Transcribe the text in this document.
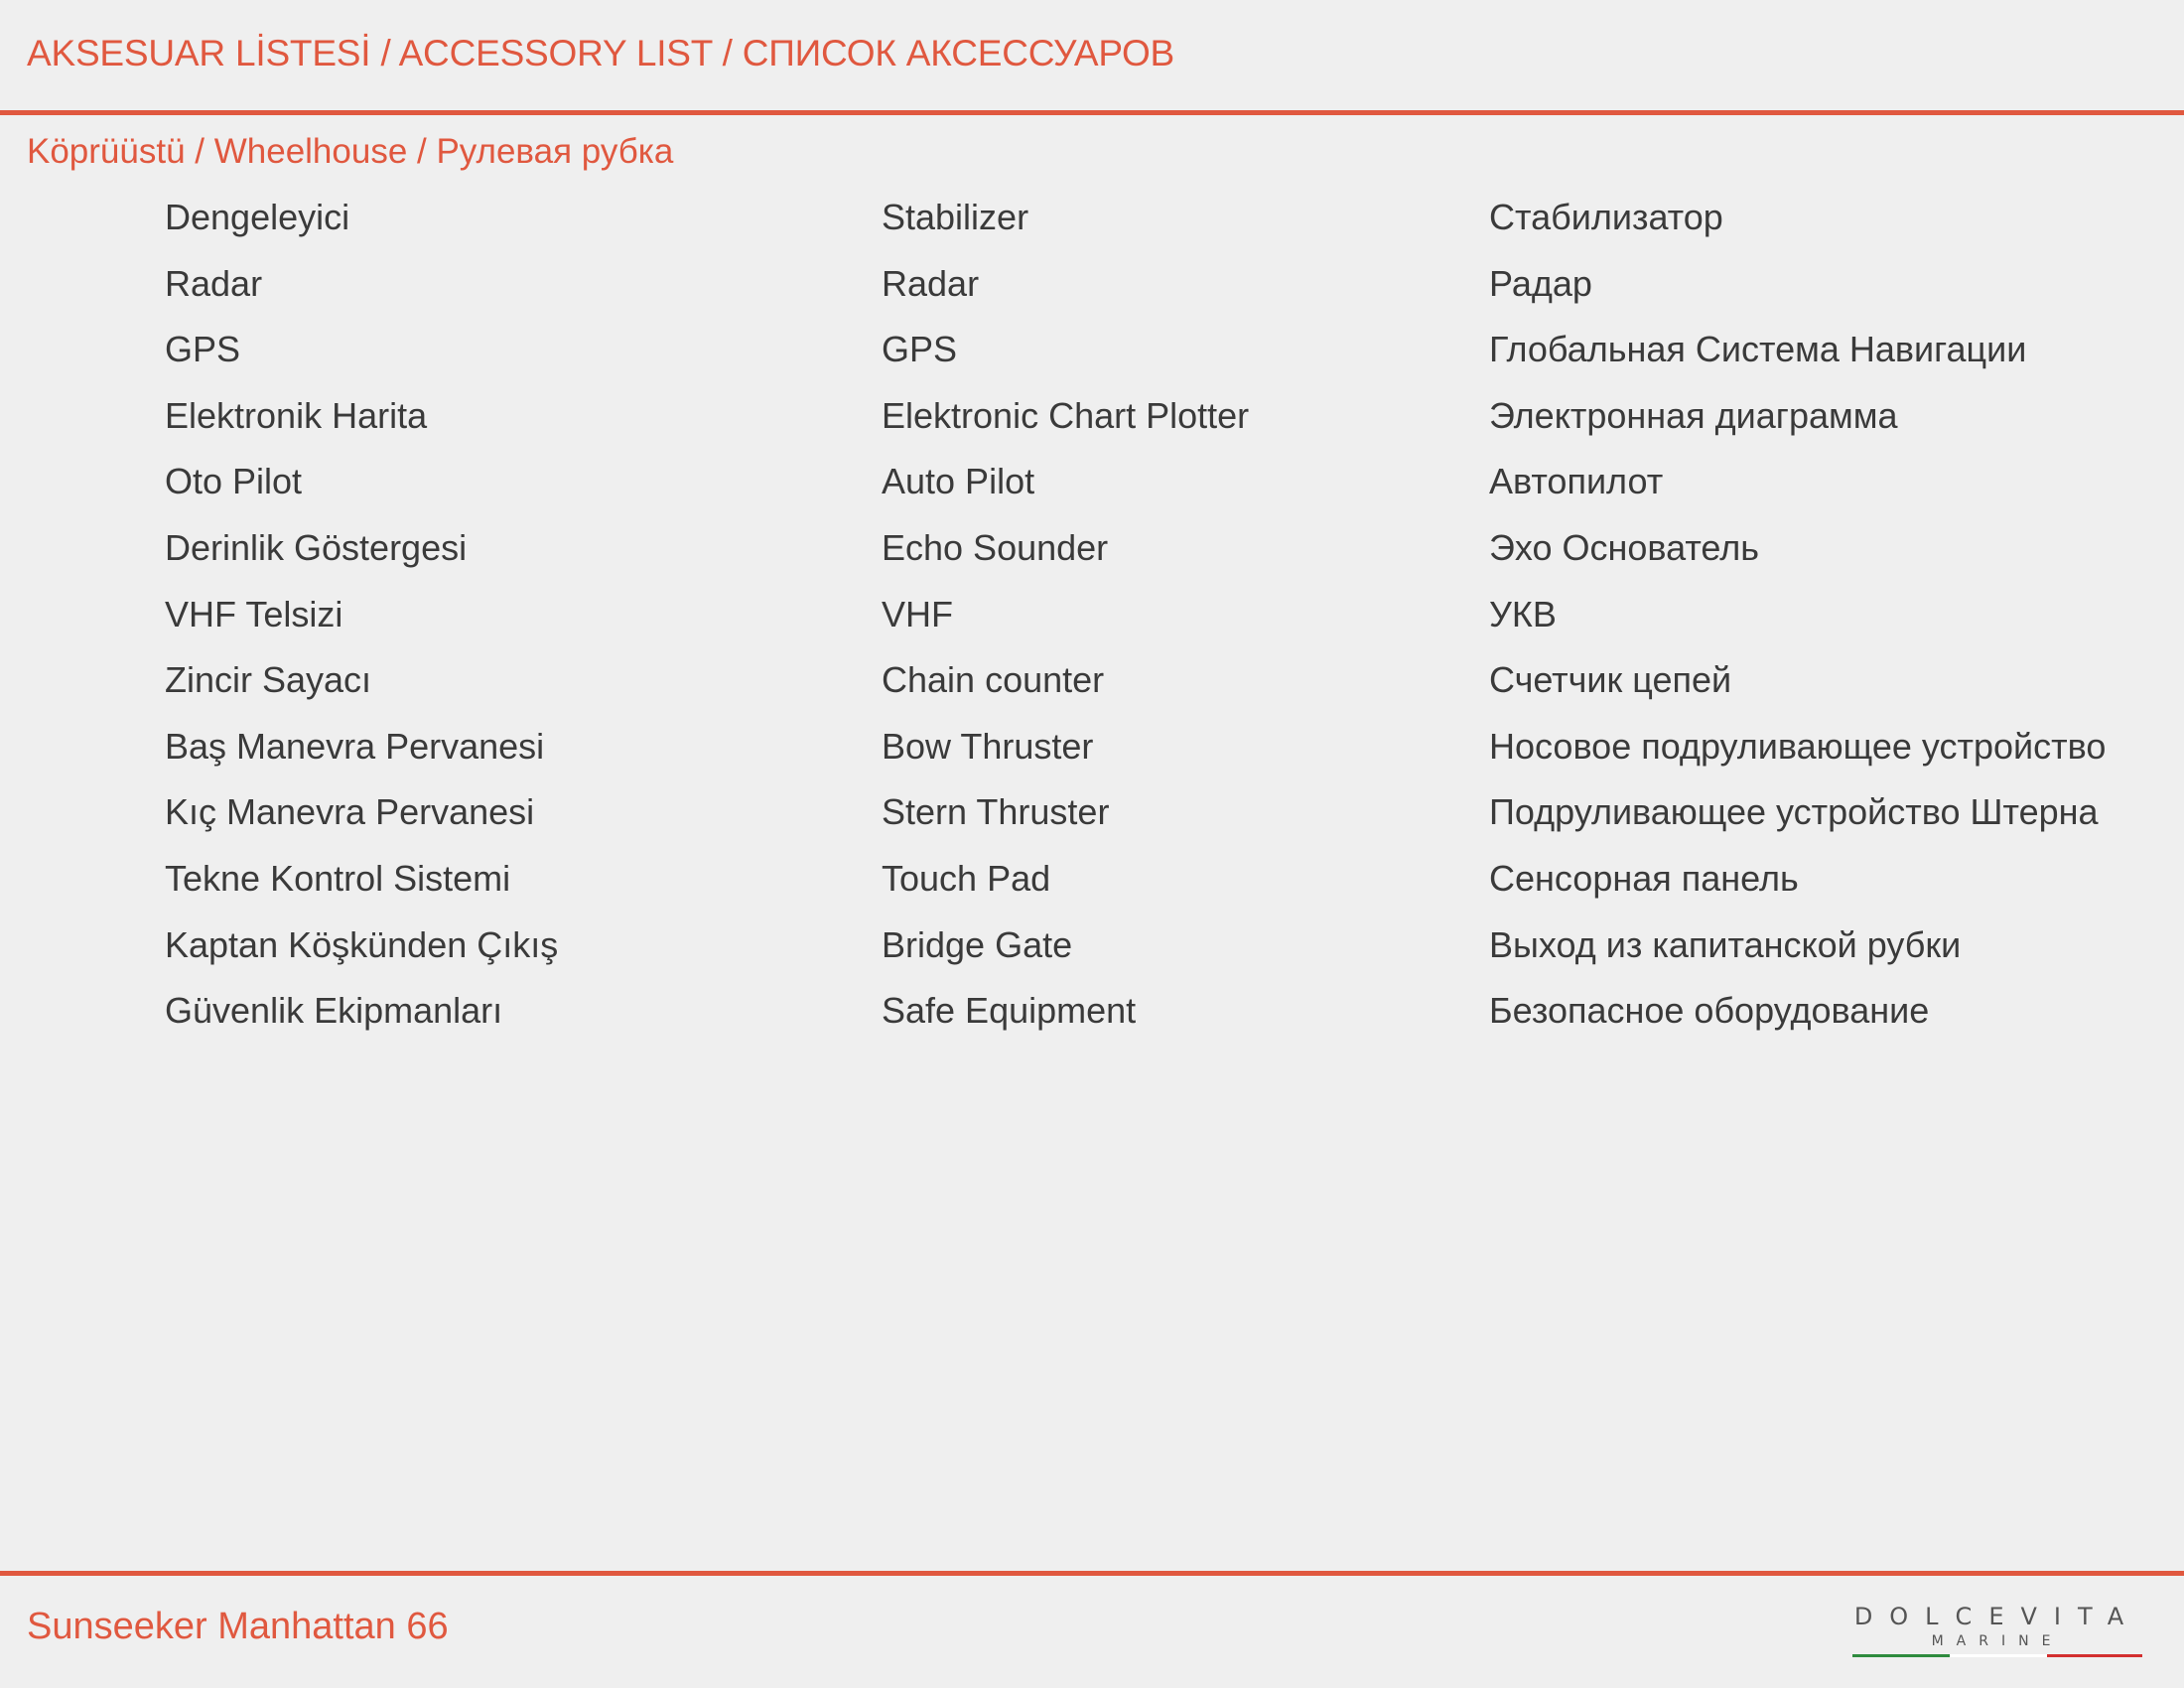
AKSESUAR LİSTESİ / ACCESSORY LIST / СПИСОК АКСЕССУАРОВ
Köprüüstü / Wheelhouse / Рулевая рубка
Dengeleyici	Stabilizer	Стабилизатор
Radar	Radar	Радар
GPS	GPS	Глобальная Система Навигации
Elektronik Harita	Elektronic Chart Plotter	Электронная диаграмма
Oto Pilot	Auto Pilot	Автопилот
Derinlik Göstergesi	Echo Sounder	Эхо Основатель
VHF Telsizi	VHF	УКВ
Zincir Sayacı	Chain counter	Счетчик цепей
Baş Manevra Pervanesi	Bow Thruster	Носовое подруливающее устройство
Kıç Manevra Pervanesi	Stern Thruster	Подруливающее устройство Штерна
Tekne Kontrol Sistemi	Touch Pad	Сенсорная панель
Kaptan Köşkünden Çıkış	Bridge Gate	Выход из капитанской рубки
Güvenlik Ekipmanları	Safe Equipment	Безопасное оборудование
Sunseeker Manhattan 66	DOLCEVITA
MARINE
